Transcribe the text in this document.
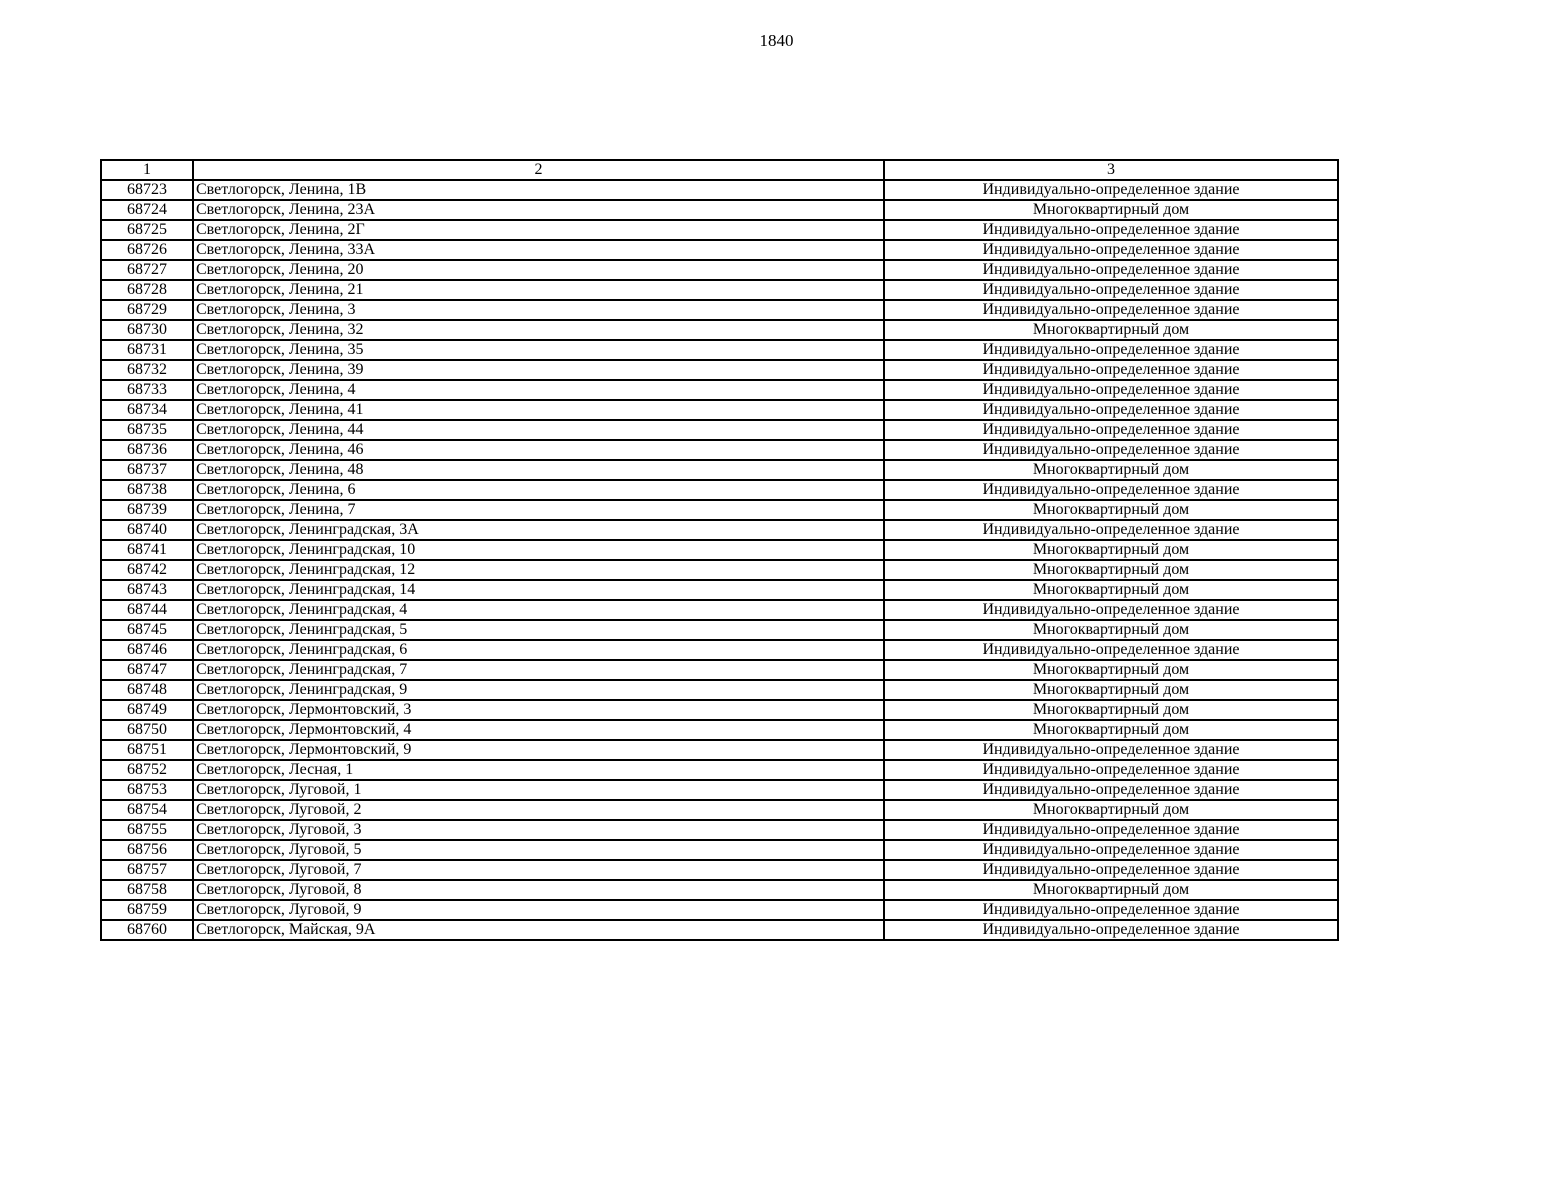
1840
1	2	3
68723	Светлогорск, Ленина, 1В	Индивидуально-определенное здание
68724	Светлогорск, Ленина, 23А	Многоквартирный дом
68725	Светлогорск, Ленина, 2Г	Индивидуально-определенное здание
68726	Светлогорск, Ленина, 33А	Индивидуально-определенное здание
68727	Светлогорск, Ленина, 20	Индивидуально-определенное здание
68728	Светлогорск, Ленина, 21	Индивидуально-определенное здание
68729	Светлогорск, Ленина, 3	Индивидуально-определенное здание
68730	Светлогорск, Ленина, 32	Многоквартирный дом
68731	Светлогорск, Ленина, 35	Индивидуально-определенное здание
68732	Светлогорск, Ленина, 39	Индивидуально-определенное здание
68733	Светлогорск, Ленина, 4	Индивидуально-определенное здание
68734	Светлогорск, Ленина, 41	Индивидуально-определенное здание
68735	Светлогорск, Ленина, 44	Индивидуально-определенное здание
68736	Светлогорск, Ленина, 46	Индивидуально-определенное здание
68737	Светлогорск, Ленина, 48	Многоквартирный дом
68738	Светлогорск, Ленина, 6	Индивидуально-определенное здание
68739	Светлогорск, Ленина, 7	Многоквартирный дом
68740	Светлогорск, Ленинградская, 3А	Индивидуально-определенное здание
68741	Светлогорск, Ленинградская, 10	Многоквартирный дом
68742	Светлогорск, Ленинградская, 12	Многоквартирный дом
68743	Светлогорск, Ленинградская, 14	Многоквартирный дом
68744	Светлогорск, Ленинградская, 4	Индивидуально-определенное здание
68745	Светлогорск, Ленинградская, 5	Многоквартирный дом
68746	Светлогорск, Ленинградская, 6	Индивидуально-определенное здание
68747	Светлогорск, Ленинградская, 7	Многоквартирный дом
68748	Светлогорск, Ленинградская, 9	Многоквартирный дом
68749	Светлогорск, Лермонтовский, 3	Многоквартирный дом
68750	Светлогорск, Лермонтовский, 4	Многоквартирный дом
68751	Светлогорск, Лермонтовский, 9	Индивидуально-определенное здание
68752	Светлогорск, Лесная, 1	Индивидуально-определенное здание
68753	Светлогорск, Луговой, 1	Индивидуально-определенное здание
68754	Светлогорск, Луговой, 2	Многоквартирный дом
68755	Светлогорск, Луговой, 3	Индивидуально-определенное здание
68756	Светлогорск, Луговой, 5	Индивидуально-определенное здание
68757	Светлогорск, Луговой, 7	Индивидуально-определенное здание
68758	Светлогорск, Луговой, 8	Многоквартирный дом
68759	Светлогорск, Луговой, 9	Индивидуально-определенное здание
68760	Светлогорск, Майская, 9А	Индивидуально-определенное здание
